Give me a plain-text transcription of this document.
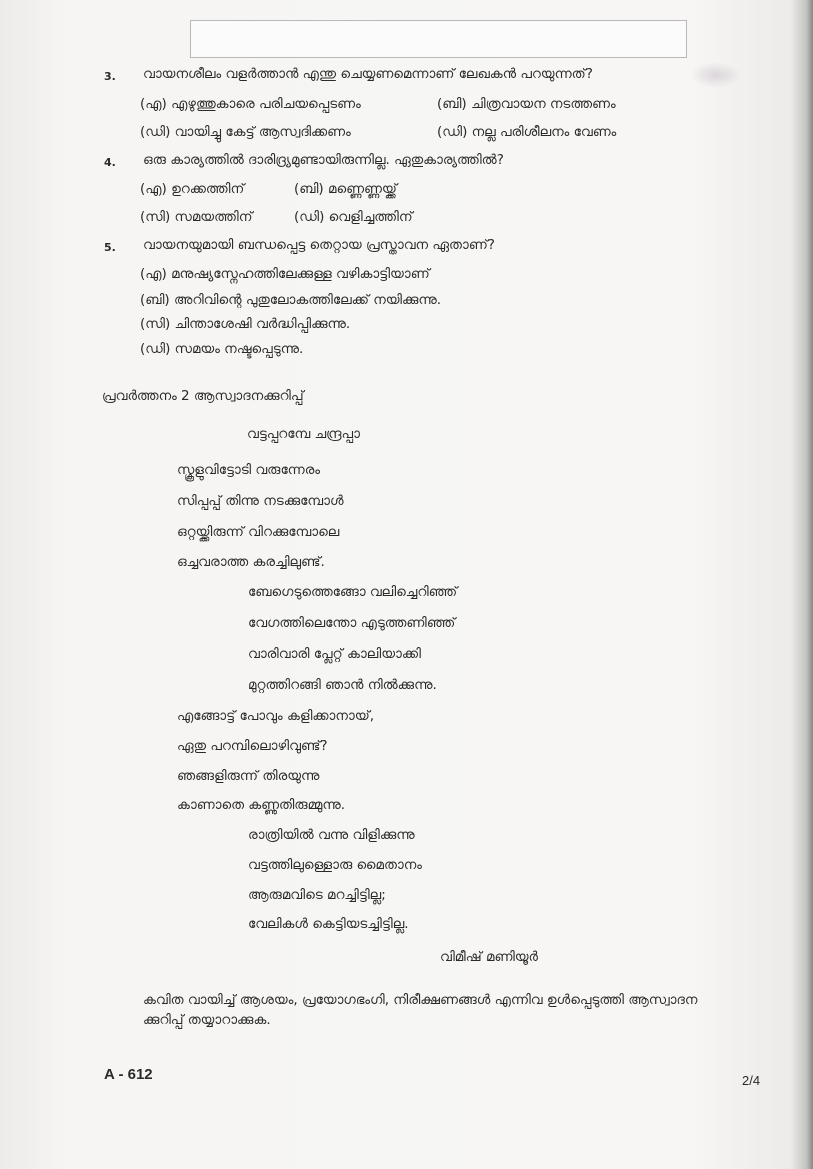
3. വായനശീലം വളർത്താൻ എന്തു ചെയ്യണമെന്നാണ് ലേഖകൻ പറയുന്നത്?
(എ) എഴുത്തുകാരെ പരിചയപ്പെടണം	(ബി) ചിത്രവായന നടത്തണം
(ഡി) വായിച്ചു കേട്ട് ആസ്വദിക്കണം	(ഡി) നല്ല പരിശീലനം വേണം
4. ഒരു കാര്യത്തിൽ ദാരിദ്ര്യമുണ്ടായിരുന്നില്ല. ഏതുകാര്യത്തിൽ?
(എ) ഉറക്കത്തിന്	(ബി) മണ്ണെണ്ണയ്ക്ക്
(സി) സമയത്തിന്	(ഡി) വെളിച്ചത്തിന്
5. വായനയുമായി ബന്ധപ്പെട്ട തെറ്റായ പ്രസ്താവന ഏതാണ്?
(എ) മനുഷ്യസ്നേഹത്തിലേക്കുള്ള വഴികാട്ടിയാണ്
(ബി) അറിവിന്റെ പുതുലോകത്തിലേക്ക് നയിക്കുന്നു.
(സി) ചിന്താശേഷി വർദ്ധിപ്പിക്കുന്നു.
(ഡി) സമയം നഷ്ടപ്പെടുന്നു.
പ്രവർത്തനം 2 ആസ്വാദനക്കുറിപ്പ്
വട്ടപ്പറമ്പേ ചന്ദ്രപ്പാ
സ്കൂളുവിട്ടോടി വരുന്നേരം
സിപ്പപ്പ് തിന്നു നടക്കുമ്പോൾ
ഒറ്റയ്ക്കിരുന്ന് വിറക്കുമ്പോലെ
ഒച്ചവരാത്ത കരച്ചിലുണ്ട്.
ബേഗെടുത്തെങ്ങോ വലിച്ചെറിഞ്ഞ്
വേഗത്തിലെന്തോ എടുത്തണിഞ്ഞ്
വാരിവാരി പ്ലേറ്റ് കാലിയാക്കി
മുറ്റത്തിറങ്ങി ഞാൻ നിൽക്കുന്നു.
എങ്ങോട്ട് പോവും കളിക്കാനായ്,
ഏതു പറമ്പിലൊഴിവുണ്ട്?
ഞങ്ങളിരുന്ന് തിരയുന്നു
കാണാതെ കണ്ണുതിരുമ്മുന്നു.
രാത്രിയിൽ വന്നു വിളിക്കുന്നു
വട്ടത്തിലുള്ളൊരു മൈതാനം
ആരുമവിടെ മറച്ചിട്ടില്ല;
വേലികൾ കെട്ടിയടച്ചിട്ടില്ല.
വിമീഷ് മണിയൂർ
കവിത വായിച്ച് ആശയം, പ്രയോഗഭംഗി, നിരീക്ഷണങ്ങൾ എന്നിവ ഉൾപ്പെടുത്തി ആസ്വാദന
ക്കുറിപ്പ് തയ്യാറാക്കുക.
A - 612	2/4
